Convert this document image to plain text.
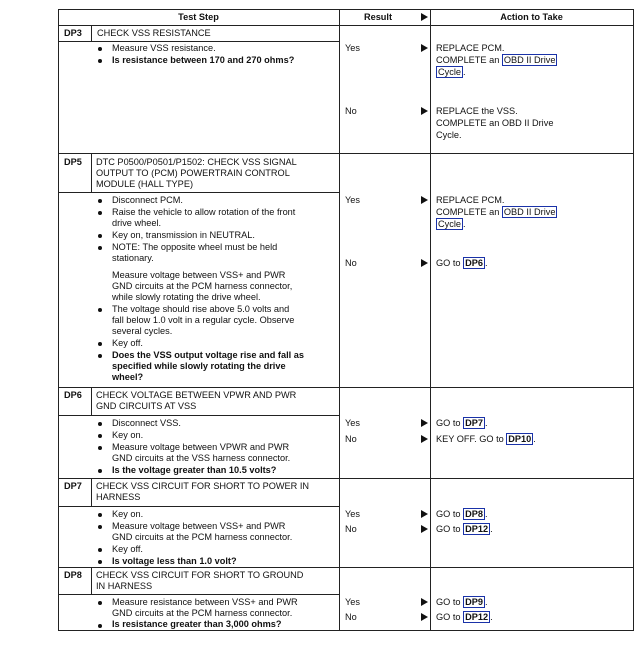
Test Step	Result	Action to Take
DP3 CHECK VSS RESISTANCE
Measure VSS resistance.
Is resistance between 170 and 270 ohms?
Yes	REPLACE PCM.
COMPLETE an OBD II Drive
Cycle .
No	REPLACE the VSS.
COMPLETE an OBD II Drive
Cycle.
DP5 DTC P0500/P0501/P1502: CHECK VSS SIGNAL
OUTPUT TO (PCM) POWERTRAIN CONTROL
MODULE (HALL TYPE)
Disconnect PCM.
Raise the vehicle to allow rotation of the front
drive wheel.
Key on, transmission in NEUTRAL.
NOTE: The opposite wheel must be held
stationary.
Measure voltage between VSS+ and PWR
GND circuits at the PCM harness connector,
while slowly rotating the drive wheel.
The voltage should rise above 5.0 volts and
fall below 1.0 volt in a regular cycle. Observe
several cycles.
Key off.
Does the VSS output voltage rise and fall as
specified while slowly rotating the drive
wheel?
Yes	REPLACE PCM.
COMPLETE an OBD II Drive
Cycle .
No	GO to DP6 .
DP6 CHECK VOLTAGE BETWEEN VPWR AND PWR
GND CIRCUITS AT VSS
Disconnect VSS.
Key on.
Measure voltage between VPWR and PWR
GND circuits at the VSS harness connector.
Is the voltage greater than 10.5 volts?
Yes	GO to DP7 .
No	KEY OFF. GO to DP10 .
DP7 CHECK VSS CIRCUIT FOR SHORT TO POWER IN
HARNESS
Key on.
Measure voltage between VSS+ and PWR
GND circuits at the PCM harness connector.
Key off.
Is voltage less than 1.0 volt?
Yes	GO to DP8 .
No	GO to DP12 .
DP8 CHECK VSS CIRCUIT FOR SHORT TO GROUND
IN HARNESS
Measure resistance between VSS+ and PWR
GND circuits at the PCM harness connector.
Is resistance greater than 3,000 ohms?
Yes	GO to DP9 .
No	GO to DP12 .
